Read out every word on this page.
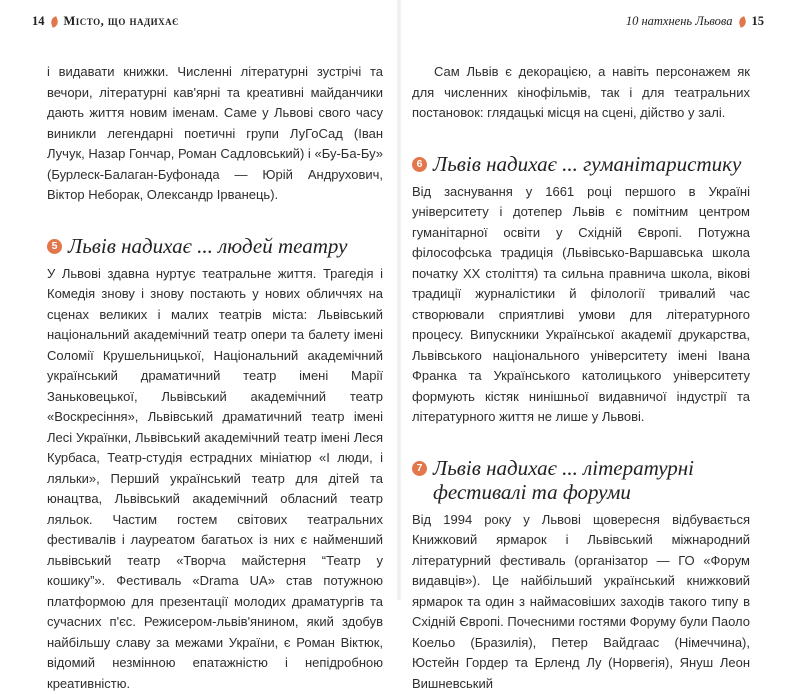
14 Місто, що надихає	10 натхнень Львова 15

і видавати книжки. Численні літературні зустрічі та вечори, літературні кав'ярні та креативні майданчики дають життя новим іменам. Саме у Львові свого часу виникли легендарні поетичні групи ЛуГоСад (Іван Лучук, Назар Гончар, Роман Садловський) і «Бу-Ба-Бу» (Бурлеск-Балаган-Буфонада — Юрій Андрухович, Віктор Неборак, Олександр Ірванець).

5 Львів надихає ... людей театру

У Львові здавна нуртує театральне життя. Трагедія і Комедія знову і знову постають у нових обличчях на сценах великих і малих театрів міста: Львівський національний академічний театр опери та балету імені Соломії Крушельницької, Національний академічний український драматичний театр імені Марії Заньковецької, Львівський академічний театр «Воскресіння», Львівський драматичний театр імені Лесі Українки, Львівський академічний театр імені Леся Курбаса, Театр-студія естрадних мініатюр «І люди, і ляльки», Перший український театр для дітей та юнацтва, Львівський академічний обласний театр ляльок. Частим гостем світових театральних фестивалів і лауреатом багатьох із них є найменший львівський театр «Творча майстерня “Театр у кошику”». Фестиваль «Drama UA» став потужною платформою для презентації молодих драматургів та сучасних п'єс. Режисером-львів'янином, який здобув найбільшу славу за межами України, є Роман Віктюк, відомий незмінною епатажністю і непідробною креативністю.

Сам Львів є декорацією, а навіть персонажем як для численних кінофільмів, так і для театральних постановок: глядацькі місця на сцені, дійство у залі.

6 Львів надихає ... гуманітаристику

Від заснування у 1661 році першого в Україні університету і дотепер Львів є помітним центром гуманітарної освіти у Східній Європі. Потужна філософська традиція (Львівсько-Варшавська школа початку XX століття) та сильна правнича школа, вікові традиції журналістики й філології тривалий час створювали сприятливі умови для літературного процесу. Випускники Української академії друкарства, Львівського національного університету імені Івана Франка та Українського католицького університету формують кістяк нинішньої видавничої індустрії та літературного життя не лише у Львові.

7 Львів надихає ... літературні
фестивалі та форуми

Від 1994 року у Львові щовересня відбувається Книжковий ярмарок і Львівський міжнародний літературний фестиваль (організатор — ГО «Форум видавців»). Це найбільший український книжковий ярмарок та один з наймасовіших заходів такого типу в Східній Європі. Почесними гостями Форуму були Паоло Коельо (Бразилія), Петер Вайдгаас (Німеччина), Юстейн Гордер та Ерленд Лу (Норвегія), Януш Леон Вишневський
